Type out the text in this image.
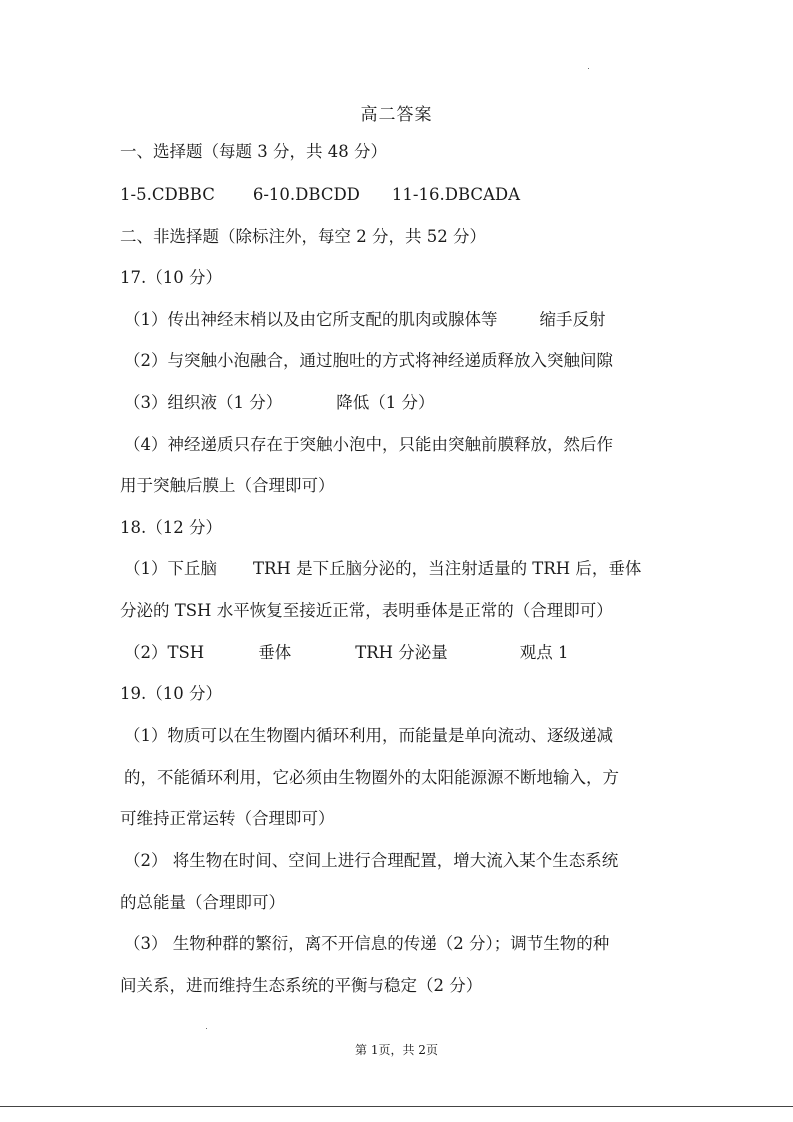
高二答案
一、选择题（每题 3 分，共 48 分）
1-5.CDBBC 6-10.DBCDD 11-16.DBCADA
二、非选择题（除标注外，每空 2 分，共 52 分）
17.（10 分）
（1）传出神经末梢以及由它所支配的肌肉或腺体等	缩手反射
（2）与突触小泡融合，通过胞吐的方式将神经递质释放入突触间隙
（3）组织液（1 分）	降低（1 分）
（4）神经递质只存在于突触小泡中，只能由突触前膜释放，然后作
用于突触后膜上（合理即可）
18.（12 分）
（1）下丘脑 TRH 是下丘脑分泌的，当注射适量的 TRH 后，垂体
分泌的 TSH 水平恢复至接近正常，表明垂体是正常的（合理即可）
（2）TSH	垂体	TRH 分泌量	观点 1
19.（10 分）
（1）物质可以在生物圈内循环利用，而能量是单向流动、逐级递减
的，不能循环利用，它必须由生物圈外的太阳能源源不断地输入，方
可维持正常运转（合理即可）
（2） 将生物在时间、空间上进行合理配置，增大流入某个生态系统
的总能量（合理即可）
（3） 生物种群的繁衍，离不开信息的传递（2 分）；调节生物的种
间关系，进而维持生态系统的平衡与稳定（2 分）
第 1页，共 2页
